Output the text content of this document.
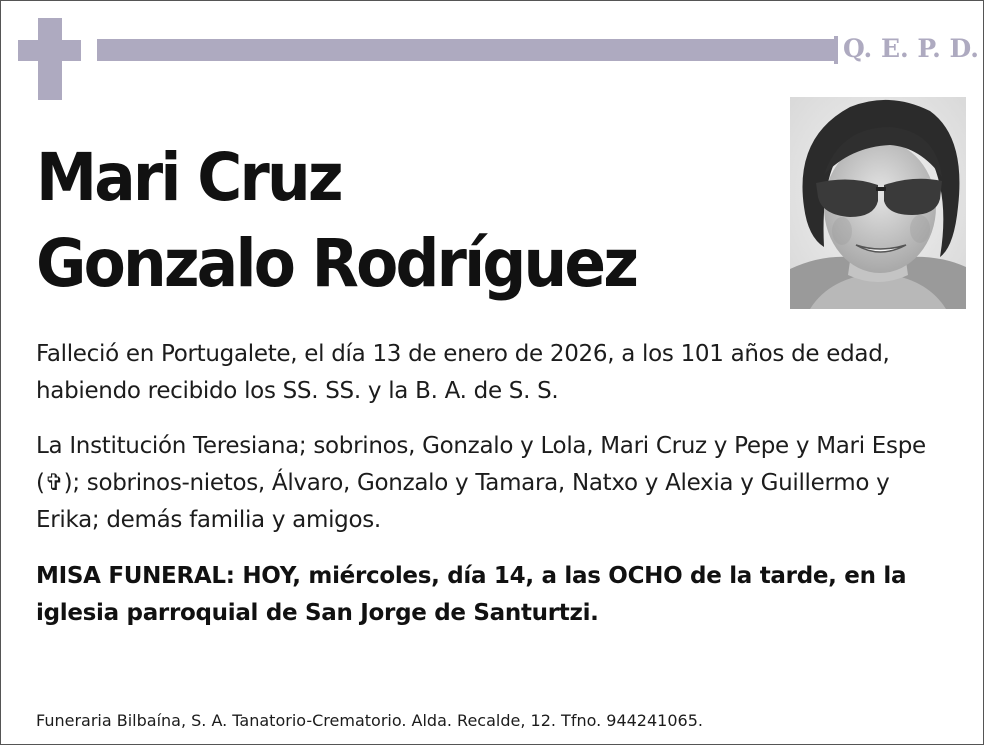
Q. E. P. D.
Mari Cruz
Gonzalo Rodríguez
Falleció en Portugalete, el día 13 de enero de 2026, a los 101 años de edad, habiendo recibido los SS. SS. y la B. A. de S. S.
La Institución Teresiana; sobrinos, Gonzalo y Lola, Mari Cruz y Pepe y Mari Espe (✞); sobrinos-nietos, Álvaro, Gonzalo y Tamara, Natxo y Alexia y Guillermo y Erika; demás familia y amigos.
MISA FUNERAL: HOY, miércoles, día 14, a las OCHO de la tarde, en la iglesia parroquial de San Jorge de Santurtzi.
Funeraria Bilbaína, S. A. Tanatorio-Crematorio. Alda. Recalde, 12. Tfno. 944241065.
